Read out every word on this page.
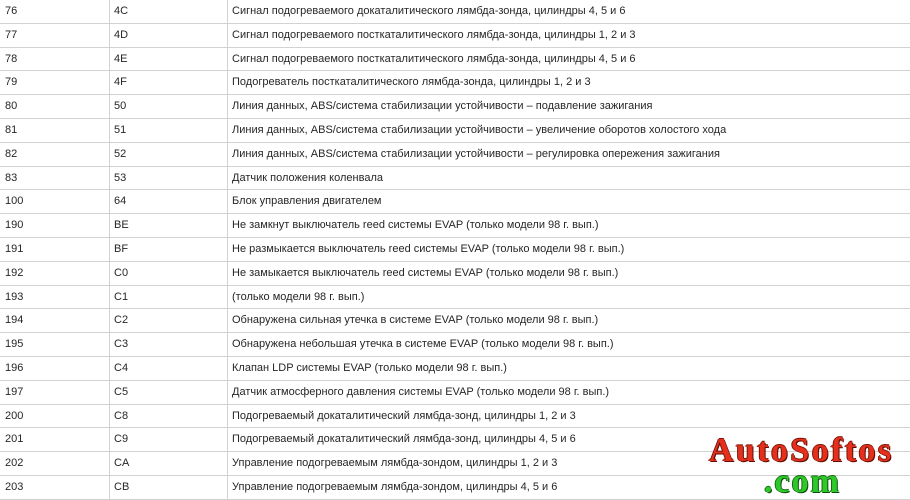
76	4C	Сигнал подогреваемого докаталитического лямбда-зонда, цилиндры 4, 5 и 6
77	4D	Сигнал подогреваемого посткаталитического лямбда-зонда, цилиндры 1, 2 и 3
78	4E	Сигнал подогреваемого посткаталитического лямбда-зонда, цилиндры 4, 5 и 6
79	4F	Подогреватель посткаталитического лямбда-зонда, цилиндры 1, 2 и 3
80	50	Линия данных, ABS/система стабилизации устойчивости – подавление зажигания
81	51	Линия данных, ABS/система стабилизации устойчивости – увеличение оборотов холостого хода
82	52	Линия данных, ABS/система стабилизации устойчивости – регулировка опережения зажигания
83	53	Датчик положения коленвала
100	64	Блок управления двигателем
190	BE	Не замкнут выключатель reed системы EVAP (только модели 98 г. вып.)
191	BF	Не размыкается выключатель reed системы EVAP (только модели 98 г. вып.)
192	C0	Не замыкается выключатель reed системы EVAP (только модели 98 г. вып.)
193	C1	(только модели 98 г. вып.)
194	C2	Обнаружена сильная утечка в системе EVAP (только модели 98 г. вып.)
195	C3	Обнаружена небольшая утечка в системе EVAP (только модели 98 г. вып.)
196	C4	Клапан LDP системы EVAP (только модели 98 г. вып.)
197	C5	Датчик атмосферного давления системы EVAP (только модели 98 г. вып.)
200	C8	Подогреваемый докаталитический лямбда-зонд, цилиндры 1, 2 и 3
201	C9	Подогреваемый докаталитический лямбда-зонд, цилиндры 4, 5 и 6
202	CA	Управление подогреваемым лямбда-зондом, цилиндры 1, 2 и 3
203	CB	Управление подогреваемым лямбда-зондом, цилиндры 4, 5 и 6
AutoSoftos
.com
